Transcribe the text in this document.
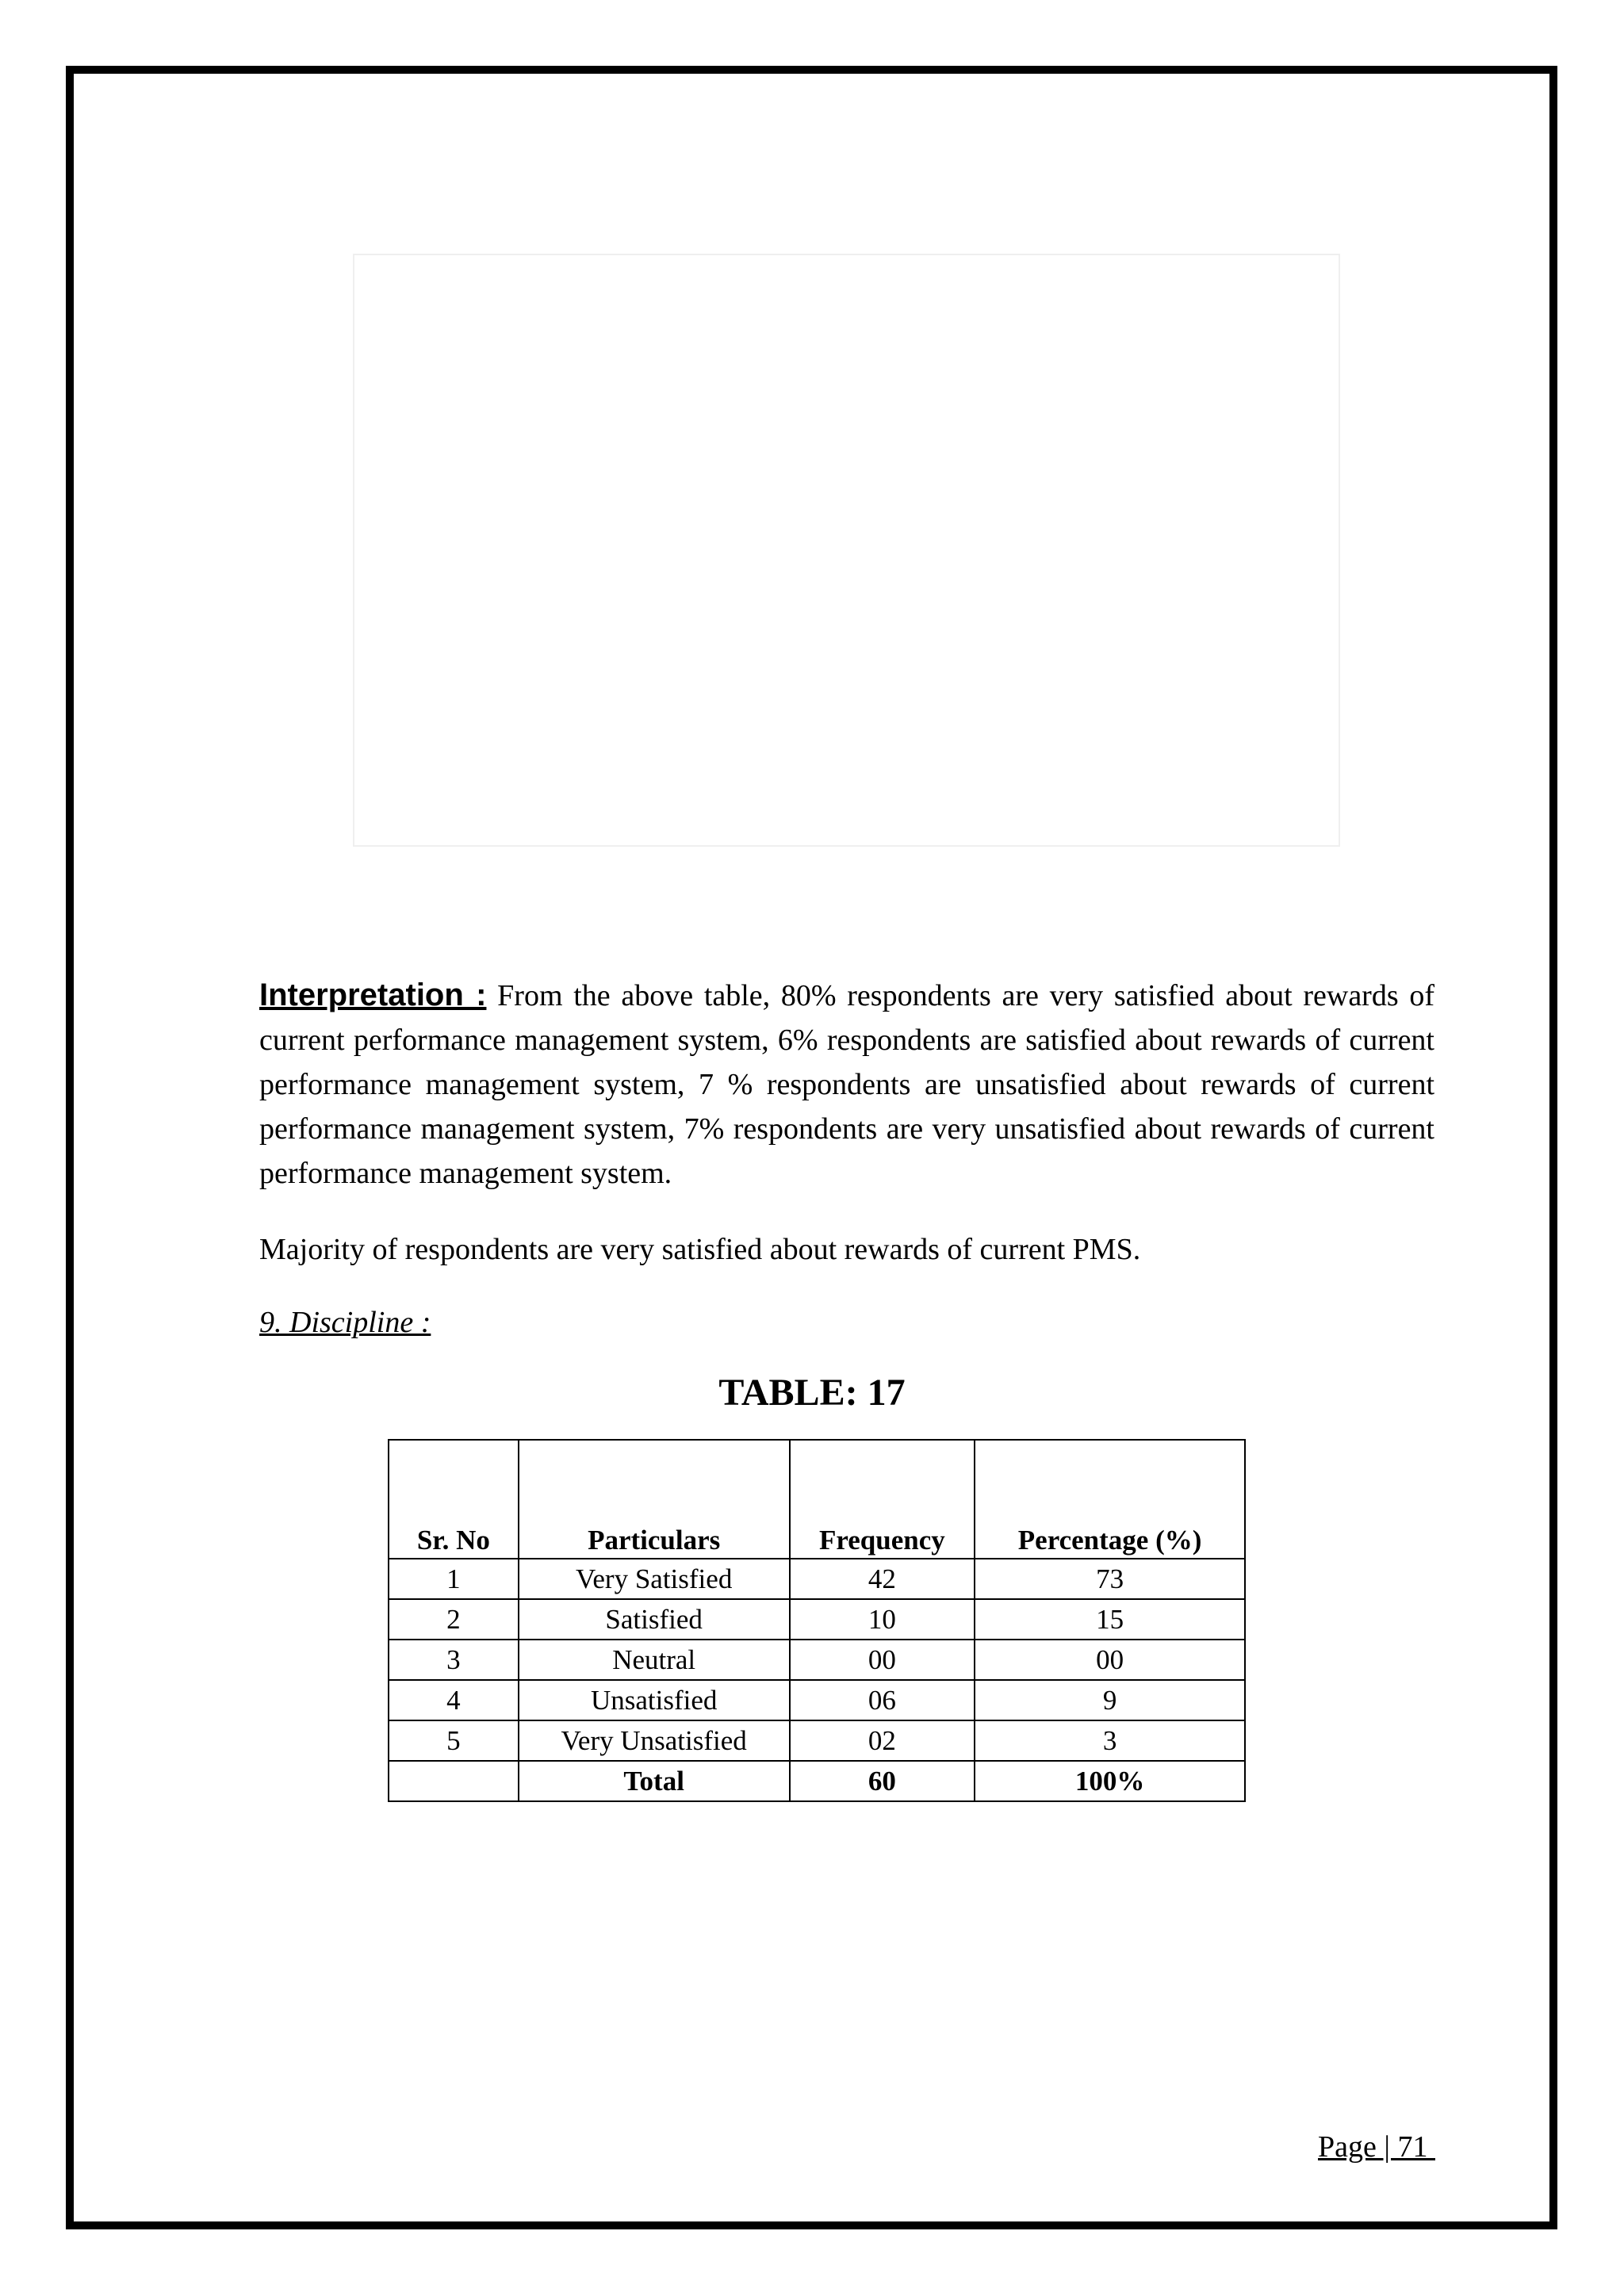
Interpretation : From the above table, 80% respondents are very satisfied about rewards of current performance management system, 6% respondents are satisfied about rewards of current performance management system, 7 % respondents are unsatisfied about rewards of current performance management system, 7% respondents are very unsatisfied about rewards of current performance management system.

Majority of respondents are very satisfied about rewards of current PMS.

9. Discipline :

TABLE: 17

Sr. No	Particulars	Frequency	Percentage (%)
1	Very Satisfied	42	73
2	Satisfied	10	15
3	Neutral	00	00
4	Unsatisfied	06	9
5	Very Unsatisfied	02	3
	Total	60	100%

Page | 71
